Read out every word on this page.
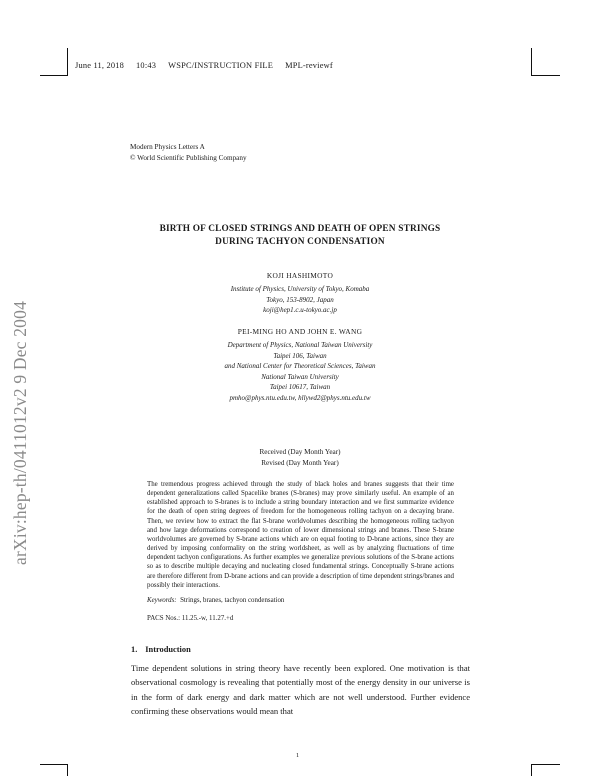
June 11, 2018 10:43 WSPC/INSTRUCTION FILE MPL-reviewf
arXiv:hep-th/0411012v2 9 Dec 2004
Modern Physics Letters A
© World Scientific Publishing Company
BIRTH OF CLOSED STRINGS AND DEATH OF OPEN STRINGS
DURING TACHYON CONDENSATION
KOJI HASHIMOTO
Institute of Physics, University of Tokyo, Komaba
Tokyo, 153-8902, Japan
koji@hep1.c.u-tokyo.ac.jp
PEI-MING HO AND JOHN E. WANG
Department of Physics, National Taiwan University
Taipei 106, Taiwan
and National Center for Theoretical Sciences, Taiwan
National Taiwan University
Taipei 10617, Taiwan
pmho@phys.ntu.edu.tw, hllywd2@phys.ntu.edu.tw
Received (Day Month Year)
Revised (Day Month Year)
The tremendous progress achieved through the study of black holes and branes suggests that their time dependent generalizations called Spacelike branes (S-branes) may prove similarly useful. An example of an established approach to S-branes is to include a string boundary interaction and we first summarize evidence for the death of open string degrees of freedom for the homogeneous rolling tachyon on a decaying brane. Then, we review how to extract the flat S-brane worldvolumes describing the homogeneous rolling tachyon and how large deformations correspond to creation of lower dimensional strings and branes. These S-brane worldvolumes are governed by S-brane actions which are on equal footing to D-brane actions, since they are derived by imposing conformality on the string worldsheet, as well as by analyzing fluctuations of time dependent tachyon configurations. As further examples we generalize previous solutions of the S-brane actions so as to describe multiple decaying and nucleating closed fundamental strings. Conceptually S-brane actions are therefore different from D-brane actions and can provide a description of time dependent strings/branes and possibly their interactions.
Keywords: Strings, branes, tachyon condensation
PACS Nos.: 11.25.-w, 11.27.+d
1. Introduction
Time dependent solutions in string theory have recently been explored. One motivation is that observational cosmology is revealing that potentially most of the energy density in our universe is in the form of dark energy and dark matter which are not well understood. Further evidence confirming these observations would mean that
1
